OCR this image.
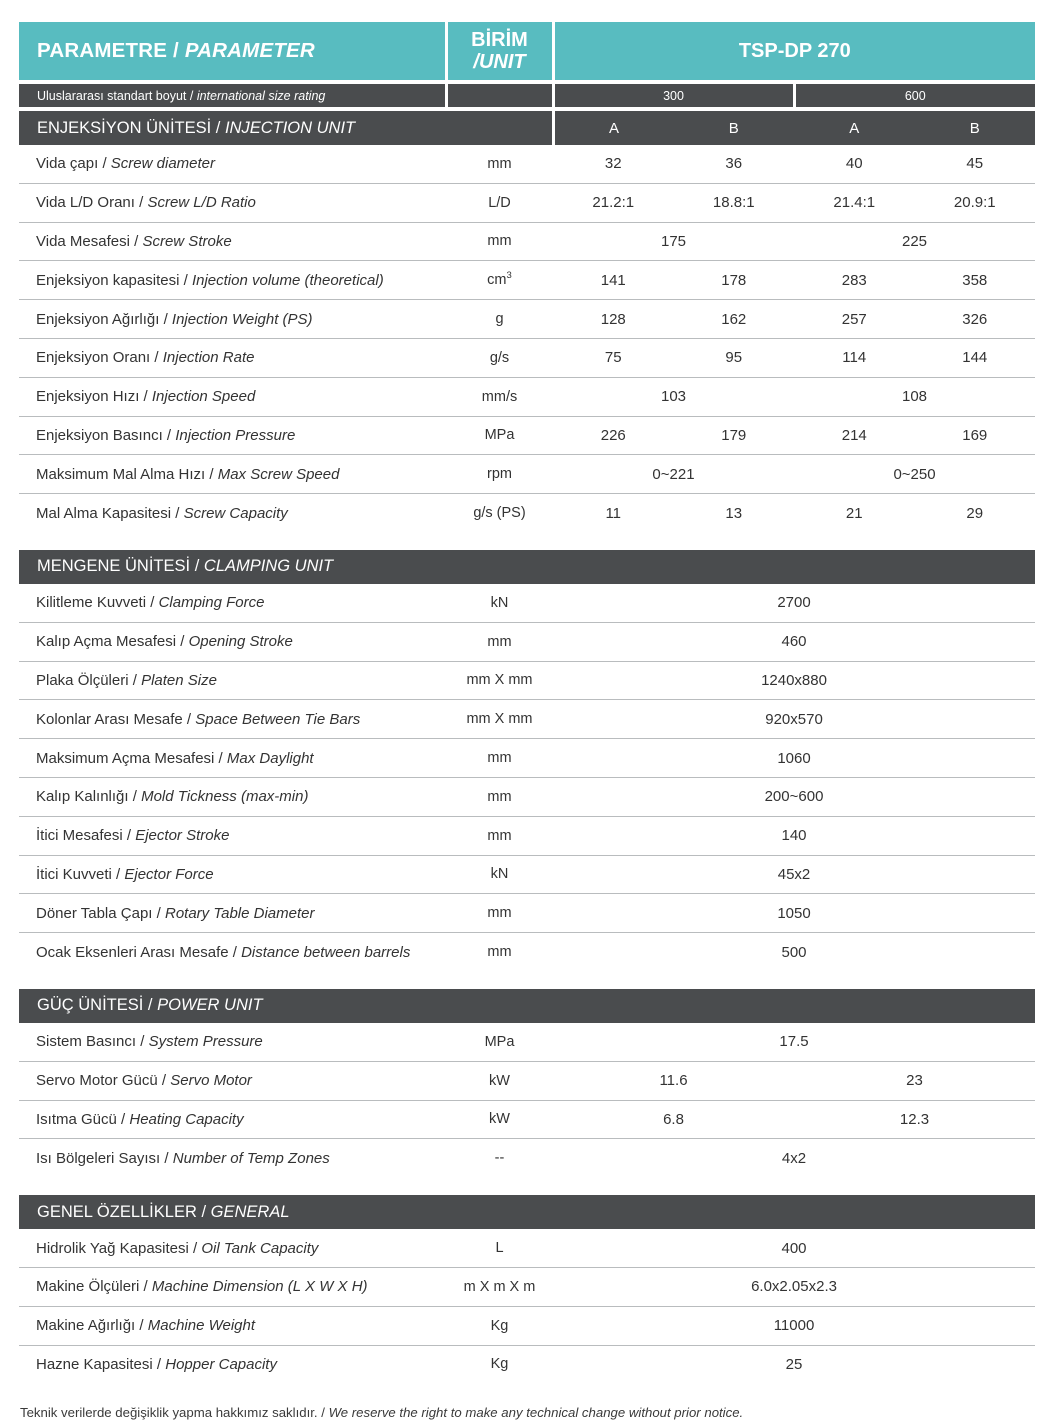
PARAMETRE / PARAMETER	BİRİM
/UNIT	TSP-DP 270			
Uluslararası standart boyut / international size rating		300		600	
ENJEKSİYON ÜNİTESİ / INJECTION UNIT		A	B	A	B
Vida çapı / Screw diameter	mm	32	36	40	45
Vida L/D Oranı / Screw L/D Ratio	L/D	21.2:1	18.8:1	21.4:1	20.9:1
Vida Mesafesi / Screw Stroke	mm	175		225	
Enjeksiyon kapasitesi / Injection volume (theoretical)	$cm^3$	141	178	283	358
Enjeksiyon Ağırlığı / Injection Weight (PS)	g	128	162	257	326
Enjeksiyon Oranı / Injection Rate	g/s	75	95	114	144
Enjeksiyon Hızı / Injection Speed	mm/s	103		108	
Enjeksiyon Basıncı / Injection Pressure	MPa	226	179	214	169
Maksimum Mal Alma Hızı / Max Screw Speed	rpm	0~221		0~250	
Mal Alma Kapasitesi / Screw Capacity	g/s (PS)	11	13	21	29

MENGENE ÜNİTESİ / CLAMPING UNIT					
Kilitleme Kuvveti / Clamping Force	kN	2700			
Kalıp Açma Mesafesi / Opening Stroke	mm	460			
Plaka Ölçüleri / Platen Size	mm X mm	1240x880			
Kolonlar Arası Mesafe / Space Between Tie Bars	mm X mm	920x570			
Maksimum Açma Mesafesi / Max Daylight	mm	1060			
Kalıp Kalınlığı / Mold Tickness (max-min)	mm	200~600			
İtici Mesafesi / Ejector Stroke	mm	140			
İtici Kuvveti / Ejector Force	kN	45x2			
Döner Tabla Çapı / Rotary Table Diameter	mm	1050			
Ocak Eksenleri Arası Mesafe / Distance between barrels	mm	500			

GÜÇ ÜNİTESİ / POWER UNIT					
Sistem Basıncı / System Pressure	MPa	17.5			
Servo Motor Gücü / Servo Motor	kW	11.6		23	
Isıtma Gücü / Heating Capacity	kW	6.8		12.3	
Isı Bölgeleri Sayısı / Number of Temp Zones	--	4x2			

GENEL ÖZELLİKLER / GENERAL					
Hidrolik Yağ Kapasitesi / Oil Tank Capacity	L	400			
Makine Ölçüleri / Machine Dimension (L X W X H)	m X m X m	6.0x2.05x2.3			
Makine Ağırlığı / Machine Weight	Kg	11000			
Hazne Kapasitesi / Hopper Capacity	Kg	25			
Teknik verilerde değişiklik yapma hakkımız saklıdır. / We reserve the right to make any technical change without prior notice.
